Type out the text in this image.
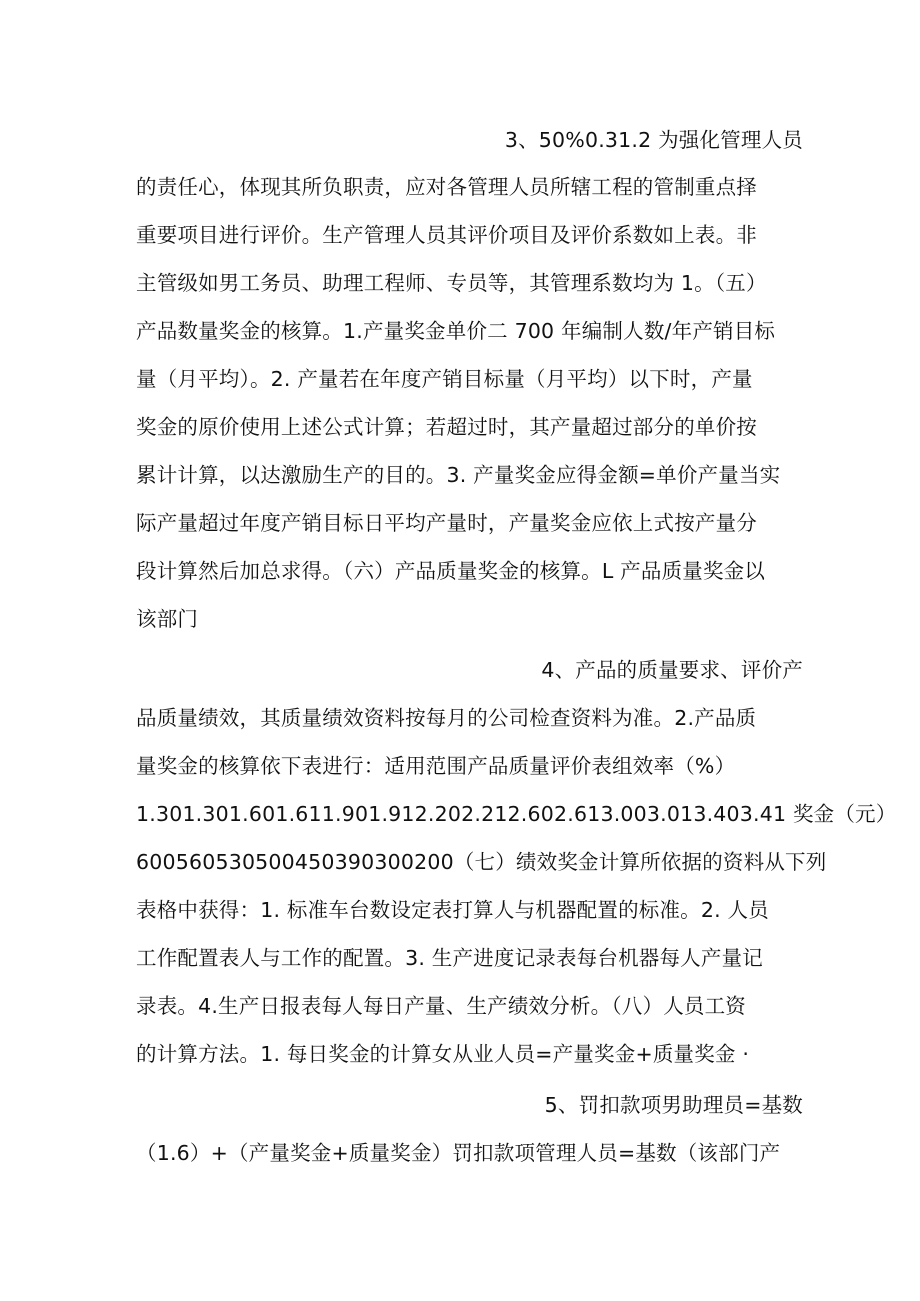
3、50%0.31.2 为强化管理人员
的责任心，体现其所负职责，应对各管理人员所辖工程的管制重点择
重要项目进行评价。生产管理人员其评价项目及评价系数如上表。非
主管级如男工务员、助理工程师、专员等，其管理系数均为 1。（五）
产品数量奖金的核算。1.产量奖金单价二 700 年编制人数/年产销目标
量（月平均）。2. 产量若在年度产销目标量（月平均）以下时，产量
奖金的原价使用上述公式计算；若超过时，其产量超过部分的单价按
累计计算，以达激励生产的目的。3. 产量奖金应得金额=单价产量当实
际产量超过年度产销目标日平均产量时，产量奖金应依上式按产量分
段计算然后加总求得。（六）产品质量奖金的核算。L 产品质量奖金以
该部门
4、产品的质量要求、评价产
品质量绩效，其质量绩效资料按每月的公司检查资料为准。2.产品质
量奖金的核算依下表进行：适用范围产品质量评价表组效率（%）
1.301.301.601.611.901.912.202.212.602.613.003.013.403.41 奖金（元）
600560530500450390300200（七）绩效奖金计算所依据的资料从下列
表格中获得：1. 标准车台数设定表打算人与机器配置的标准。2. 人员
工作配置表人与工作的配置。3. 生产进度记录表每台机器每人产量记
录表。4.生产日报表每人每日产量、生产绩效分析。（八）人员工资
的计算方法。1. 每日奖金的计算女从业人员=产量奖金+质量奖金 ·
5、罚扣款项男助理员=基数
（1.6）+（产量奖金+质量奖金）罚扣款项管理人员=基数（该部门产
